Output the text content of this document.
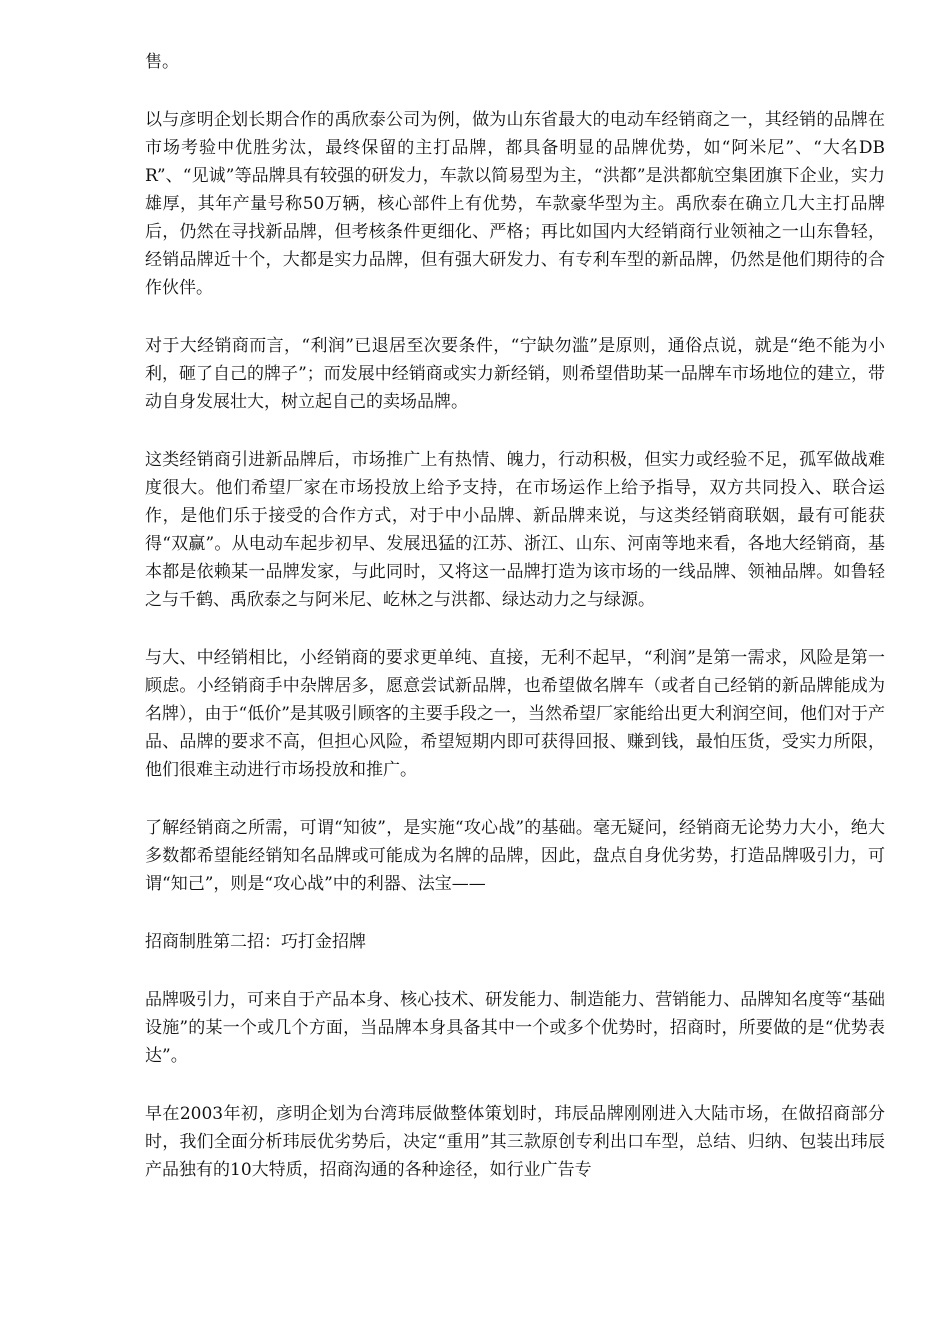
售。

以与彦明企划长期合作的禹欣泰公司为例，做为山东省最大的电动车经销商之一，其经销的品牌在市场考验中优胜劣汰，最终保留的主打品牌，都具备明显的品牌优势，如“阿米尼”、“大名DBR”、“见诚”等品牌具有较强的研发力，车款以简易型为主，“洪都”是洪都航空集团旗下企业，实力雄厚，其年产量号称50万辆，核心部件上有优势，车款豪华型为主。禹欣泰在确立几大主打品牌后，仍然在寻找新品牌，但考核条件更细化、严格；再比如国内大经销商行业领袖之一山东鲁轻，经销品牌近十个，大都是实力品牌，但有强大研发力、有专利车型的新品牌，仍然是他们期待的合作伙伴。

对于大经销商而言，“利润”已退居至次要条件，“宁缺勿滥”是原则，通俗点说，就是“绝不能为小利，砸了自己的牌子”；而发展中经销商或实力新经销，则希望借助某一品牌车市场地位的建立，带动自身发展壮大，树立起自己的卖场品牌。

这类经销商引进新品牌后，市场推广上有热情、魄力，行动积极，但实力或经验不足，孤军做战难度很大。他们希望厂家在市场投放上给予支持，在市场运作上给予指导，双方共同投入、联合运作，是他们乐于接受的合作方式，对于中小品牌、新品牌来说，与这类经销商联姻，最有可能获得“双赢”。从电动车起步初早、发展迅猛的江苏、浙江、山东、河南等地来看，各地大经销商，基本都是依赖某一品牌发家，与此同时，又将这一品牌打造为该市场的一线品牌、领袖品牌。如鲁轻之与千鹤、禹欣泰之与阿米尼、屹林之与洪都、绿达动力之与绿源。

与大、中经销相比，小经销商的要求更单纯、直接，无利不起早，“利润”是第一需求，风险是第一顾虑。小经销商手中杂牌居多，愿意尝试新品牌，也希望做名牌车（或者自己经销的新品牌能成为名牌），由于“低价”是其吸引顾客的主要手段之一，当然希望厂家能给出更大利润空间，他们对于产品、品牌的要求不高，但担心风险，希望短期内即可获得回报、赚到钱，最怕压货，受实力所限，他们很难主动进行市场投放和推广。

了解经销商之所需，可谓“知彼”，是实施“攻心战”的基础。毫无疑问，经销商无论势力大小，绝大多数都希望能经销知名品牌或可能成为名牌的品牌，因此，盘点自身优劣势，打造品牌吸引力，可谓“知己”，则是“攻心战”中的利器、法宝——

招商制胜第二招：巧打金招牌

品牌吸引力，可来自于产品本身、核心技术、研发能力、制造能力、营销能力、品牌知名度等“基础设施”的某一个或几个方面，当品牌本身具备其中一个或多个优势时，招商时，所要做的是“优势表达”。

早在2003年初，彦明企划为台湾玮辰做整体策划时，玮辰品牌刚刚进入大陆市场，在做招商部分时，我们全面分析玮辰优劣势后，决定“重用”其三款原创专利出口车型，总结、归纳、包装出玮辰产品独有的10大特质，招商沟通的各种途径，如行业广告专
